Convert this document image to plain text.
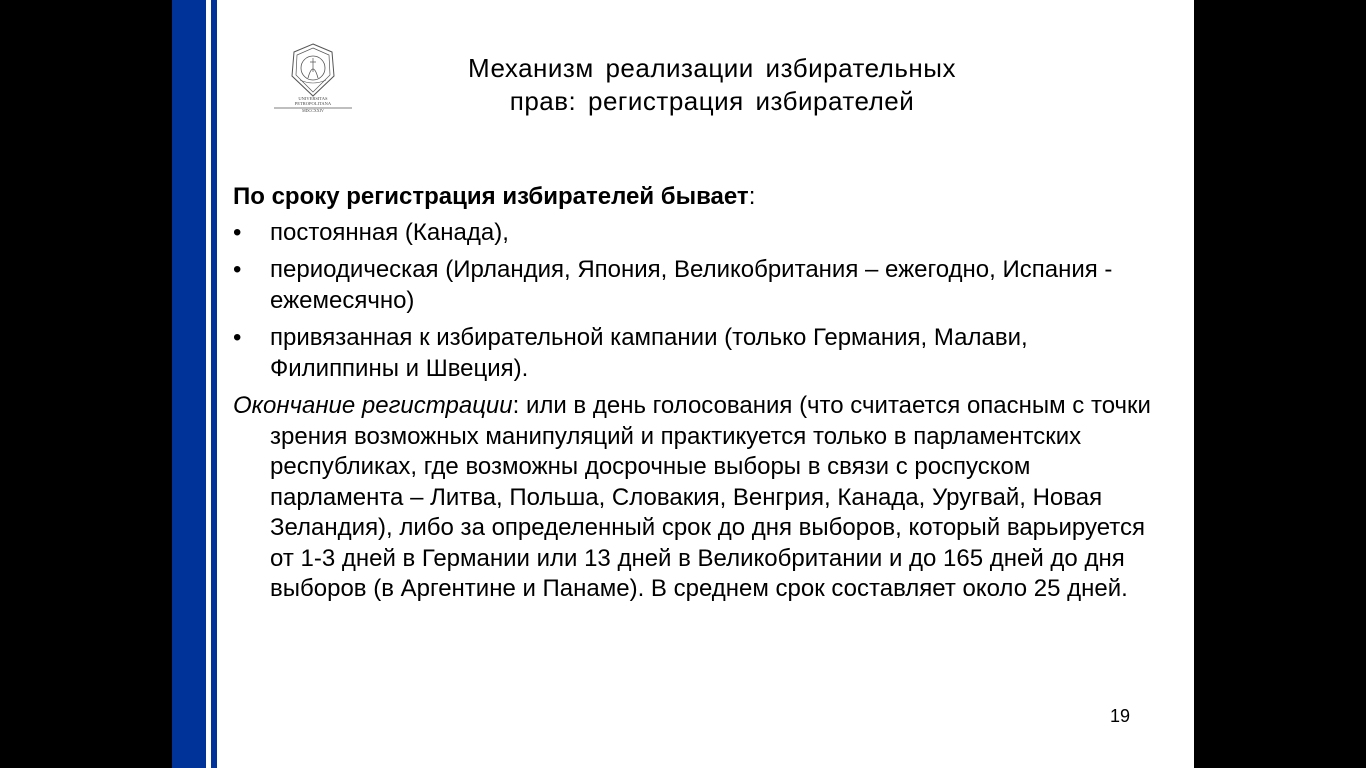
UNIVERSITAS
PETROPOLITANA
MDCCXXIV
Механизм реализации избирательных
прав: регистрация избирателей
По сроку регистрация избирателей бывает:
• постоянная (Канада),
• периодическая (Ирландия, Япония, Великобритания – ежегодно, Испания - ежемесячно)
• привязанная к избирательной кампании (только Германия, Малави, Филиппины и Швеция).

Окончание регистрации: или в день голосования (что считается опасным с точки зрения возможных манипуляций и практикуется только в парламентских республиках, где возможны досрочные выборы в связи с роспуском парламента – Литва, Польша, Словакия, Венгрия, Канада, Уругвай, Новая Зеландия), либо за определенный срок до дня выборов, который варьируется от 1-3 дней в Германии или 13 дней в Великобритании и до 165 дней до дня выборов (в Аргентине и Панаме). В среднем срок составляет около 25 дней.

19
